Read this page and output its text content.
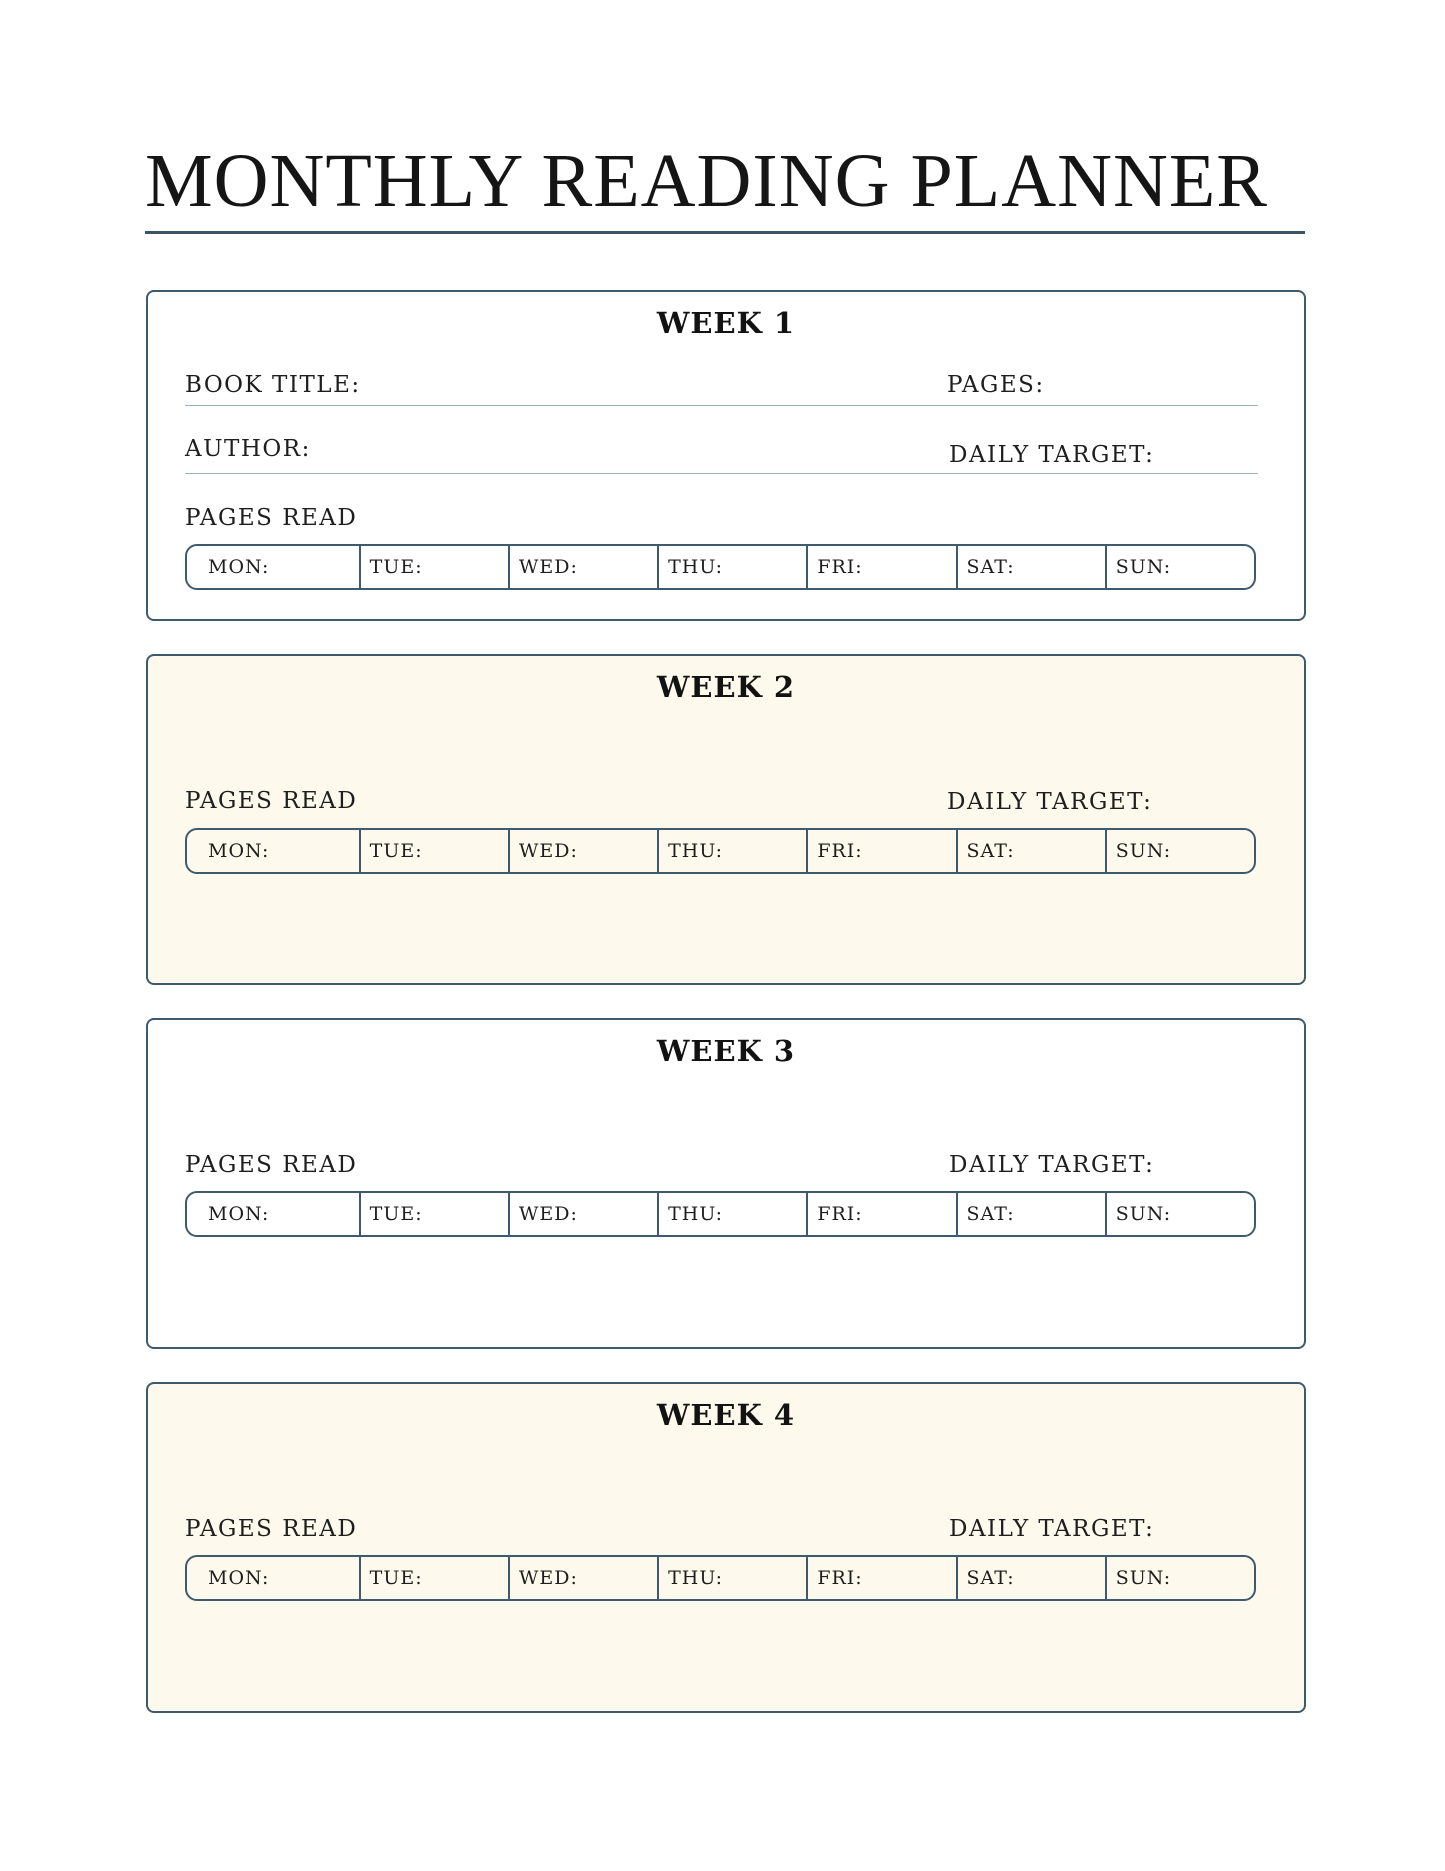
MONTHLY READING PLANNER
WEEK 1
BOOK TITLE:	PAGES:
AUTHOR:	DAILY TARGET:
PAGES READ
MON:	TUE:	WED:	THU:	FRI:	SAT:	SUN:
WEEK 2
PAGES READ	DAILY TARGET:
MON:	TUE:	WED:	THU:	FRI:	SAT:	SUN:
WEEK 3
PAGES READ	DAILY TARGET:
MON:	TUE:	WED:	THU:	FRI:	SAT:	SUN:
WEEK 4
PAGES READ	DAILY TARGET:
MON:	TUE:	WED:	THU:	FRI:	SAT:	SUN:
